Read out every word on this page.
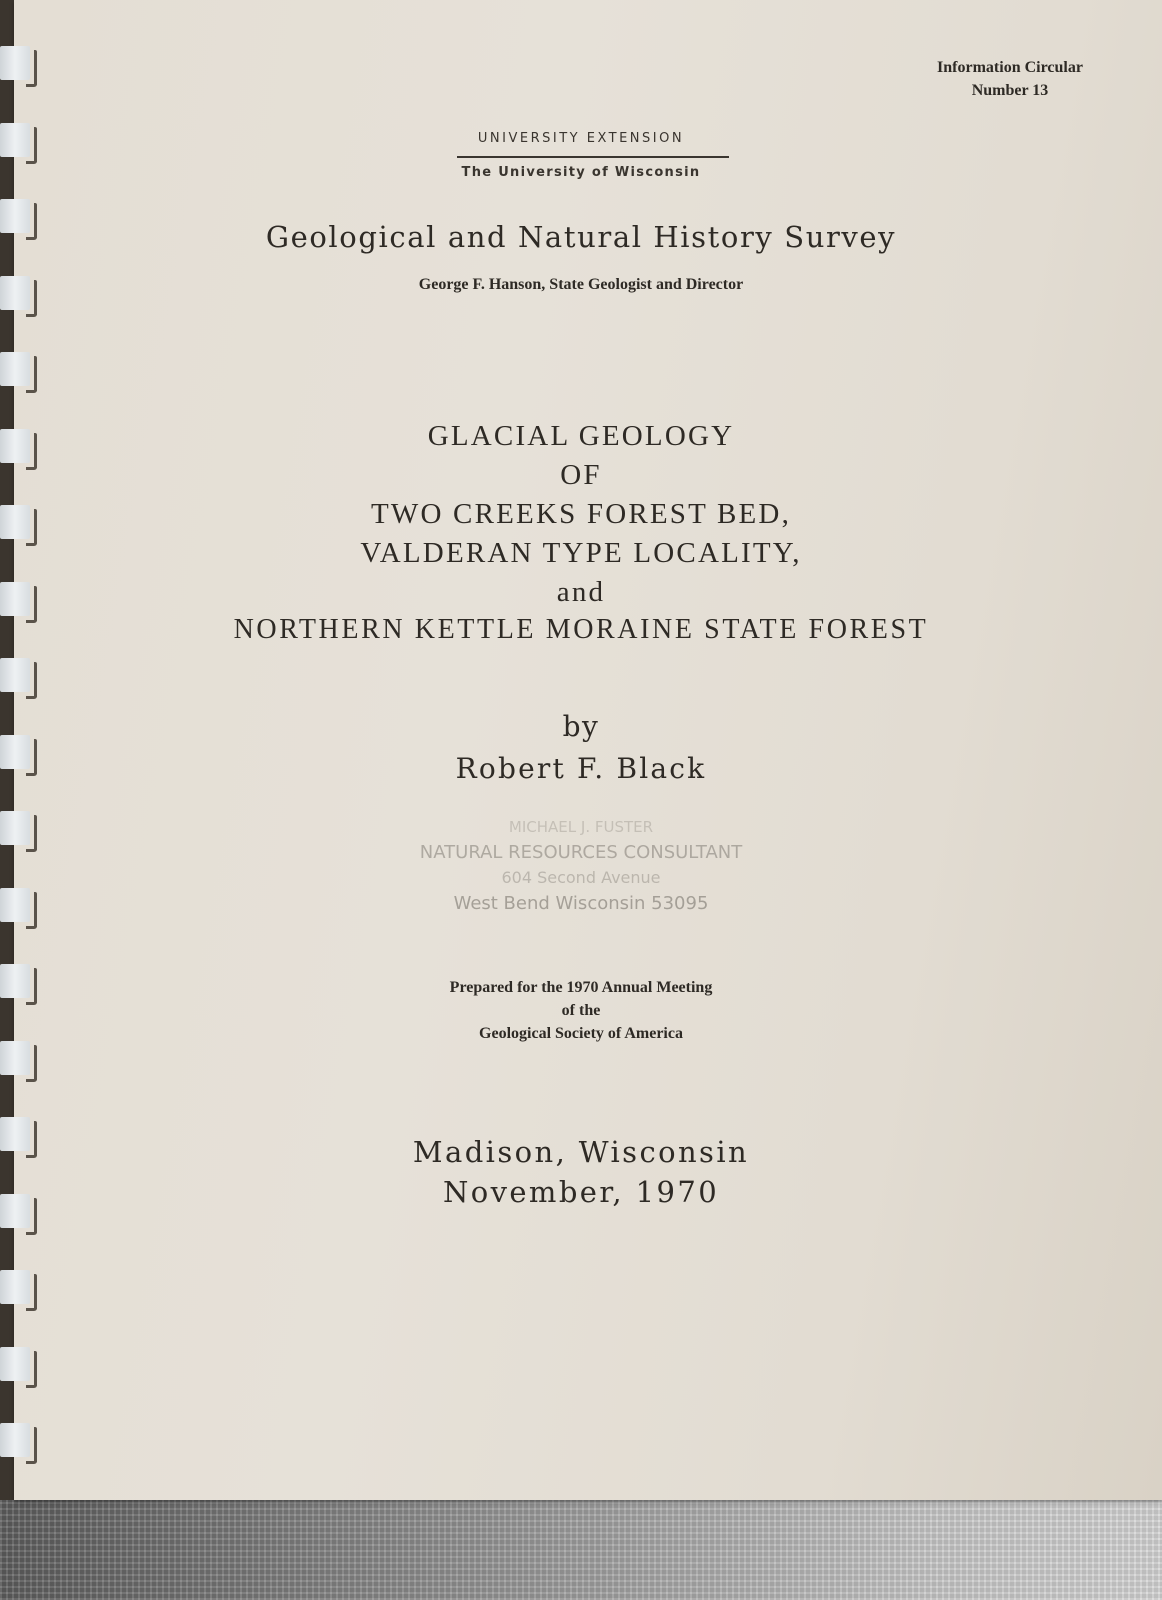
Information Circular
Number 13
UNIVERSITY EXTENSION
The University of Wisconsin
Geological and Natural History Survey
George F. Hanson, State Geologist and Director
GLACIAL GEOLOGY
OF
TWO CREEKS FOREST BED,
VALDERAN TYPE LOCALITY,
and
NORTHERN KETTLE MORAINE STATE FOREST
by
Robert F. Black
MICHAEL J. FUSTER
NATURAL RESOURCES CONSULTANT
604 Second Avenue
West Bend Wisconsin 53095
Prepared for the 1970 Annual Meeting
of the
Geological Society of America
Madison, Wisconsin
November, 1970
